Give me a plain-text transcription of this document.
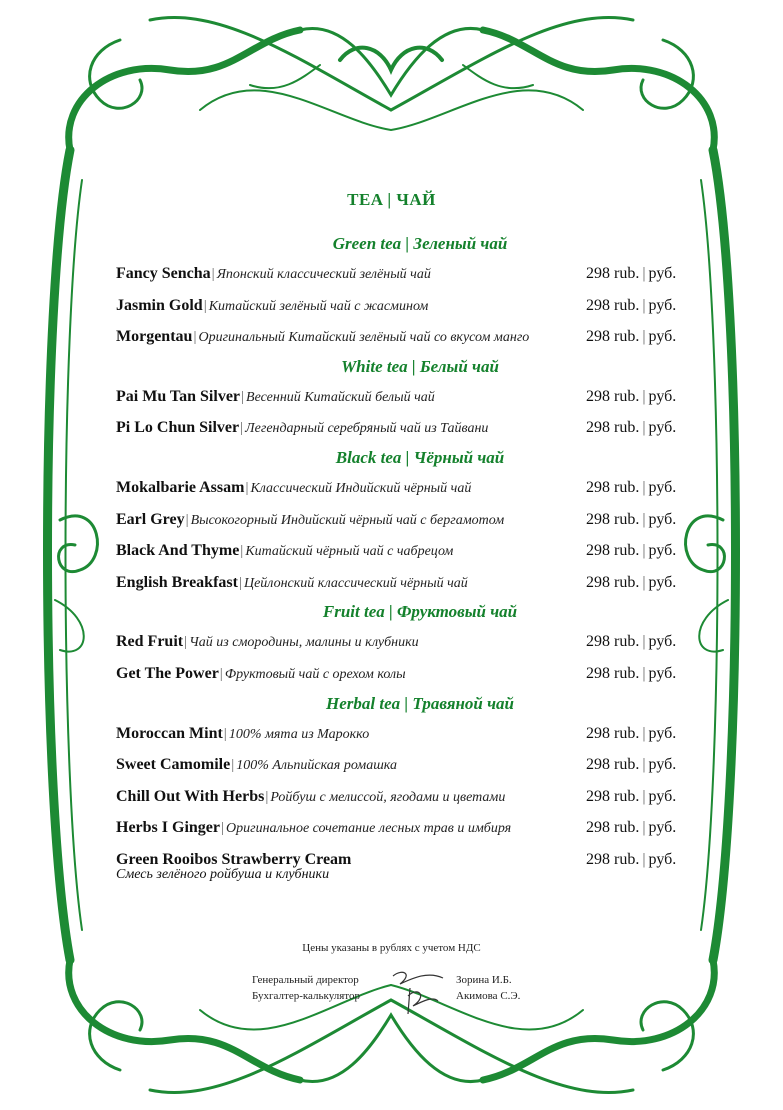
TEA | ЧАЙ
Green tea | Зеленый чай
Fancy Sencha| Японский классический зелёный чай	298 rub. | руб.
Jasmin Gold| Китайский зелёный чай с жасмином	298 rub. | руб.
Morgentau| Оригинальный Китайский зелёный чай со вкусом манго	298 rub. | руб.
White tea | Белый чай
Pai Mu Tan Silver| Весенний Китайский белый чай	298 rub. | руб.
Pi Lo Chun Silver| Легендарный серебряный чай из Тайвани	298 rub. | руб.
Black tea | Чёрный чай
Mokalbarie Assam| Классический Индийский чёрный чай	298 rub. | руб.
Earl Grey| Высокогорный Индийский чёрный чай с бергамотом	298 rub. | руб.
Black And Thyme| Китайский чёрный чай с чабрецом	298 rub. | руб.
English Breakfast| Цейлонский классический чёрный чай	298 rub. | руб.
Fruit tea | Фруктовый чай
Red Fruit| Чай из смородины, малины и клубники	298 rub. | руб.
Get The Power| Фруктовый чай с орехом колы	298 rub. | руб.
Herbal tea | Травяной чай
Moroccan Mint| 100% мята из Марокко	298 rub. | руб.
Sweet Camomile| 100% Альпийская ромашка	298 rub. | руб.
Chill Out With Herbs| Ройбуш с мелиссой, ягодами и цветами	298 rub. | руб.
Herbs I Ginger| Оригинальное сочетание лесных трав и имбиря	298 rub. | руб.
Green Rooibos Strawberry Cream	298 rub. | руб.
Смесь зелёного ройбуша и клубники
Цены указаны в рублях с учетом НДС
Генеральный директор
Бухгалтер-калькулятор
Зорина И.Б.
Акимова С.Э.
